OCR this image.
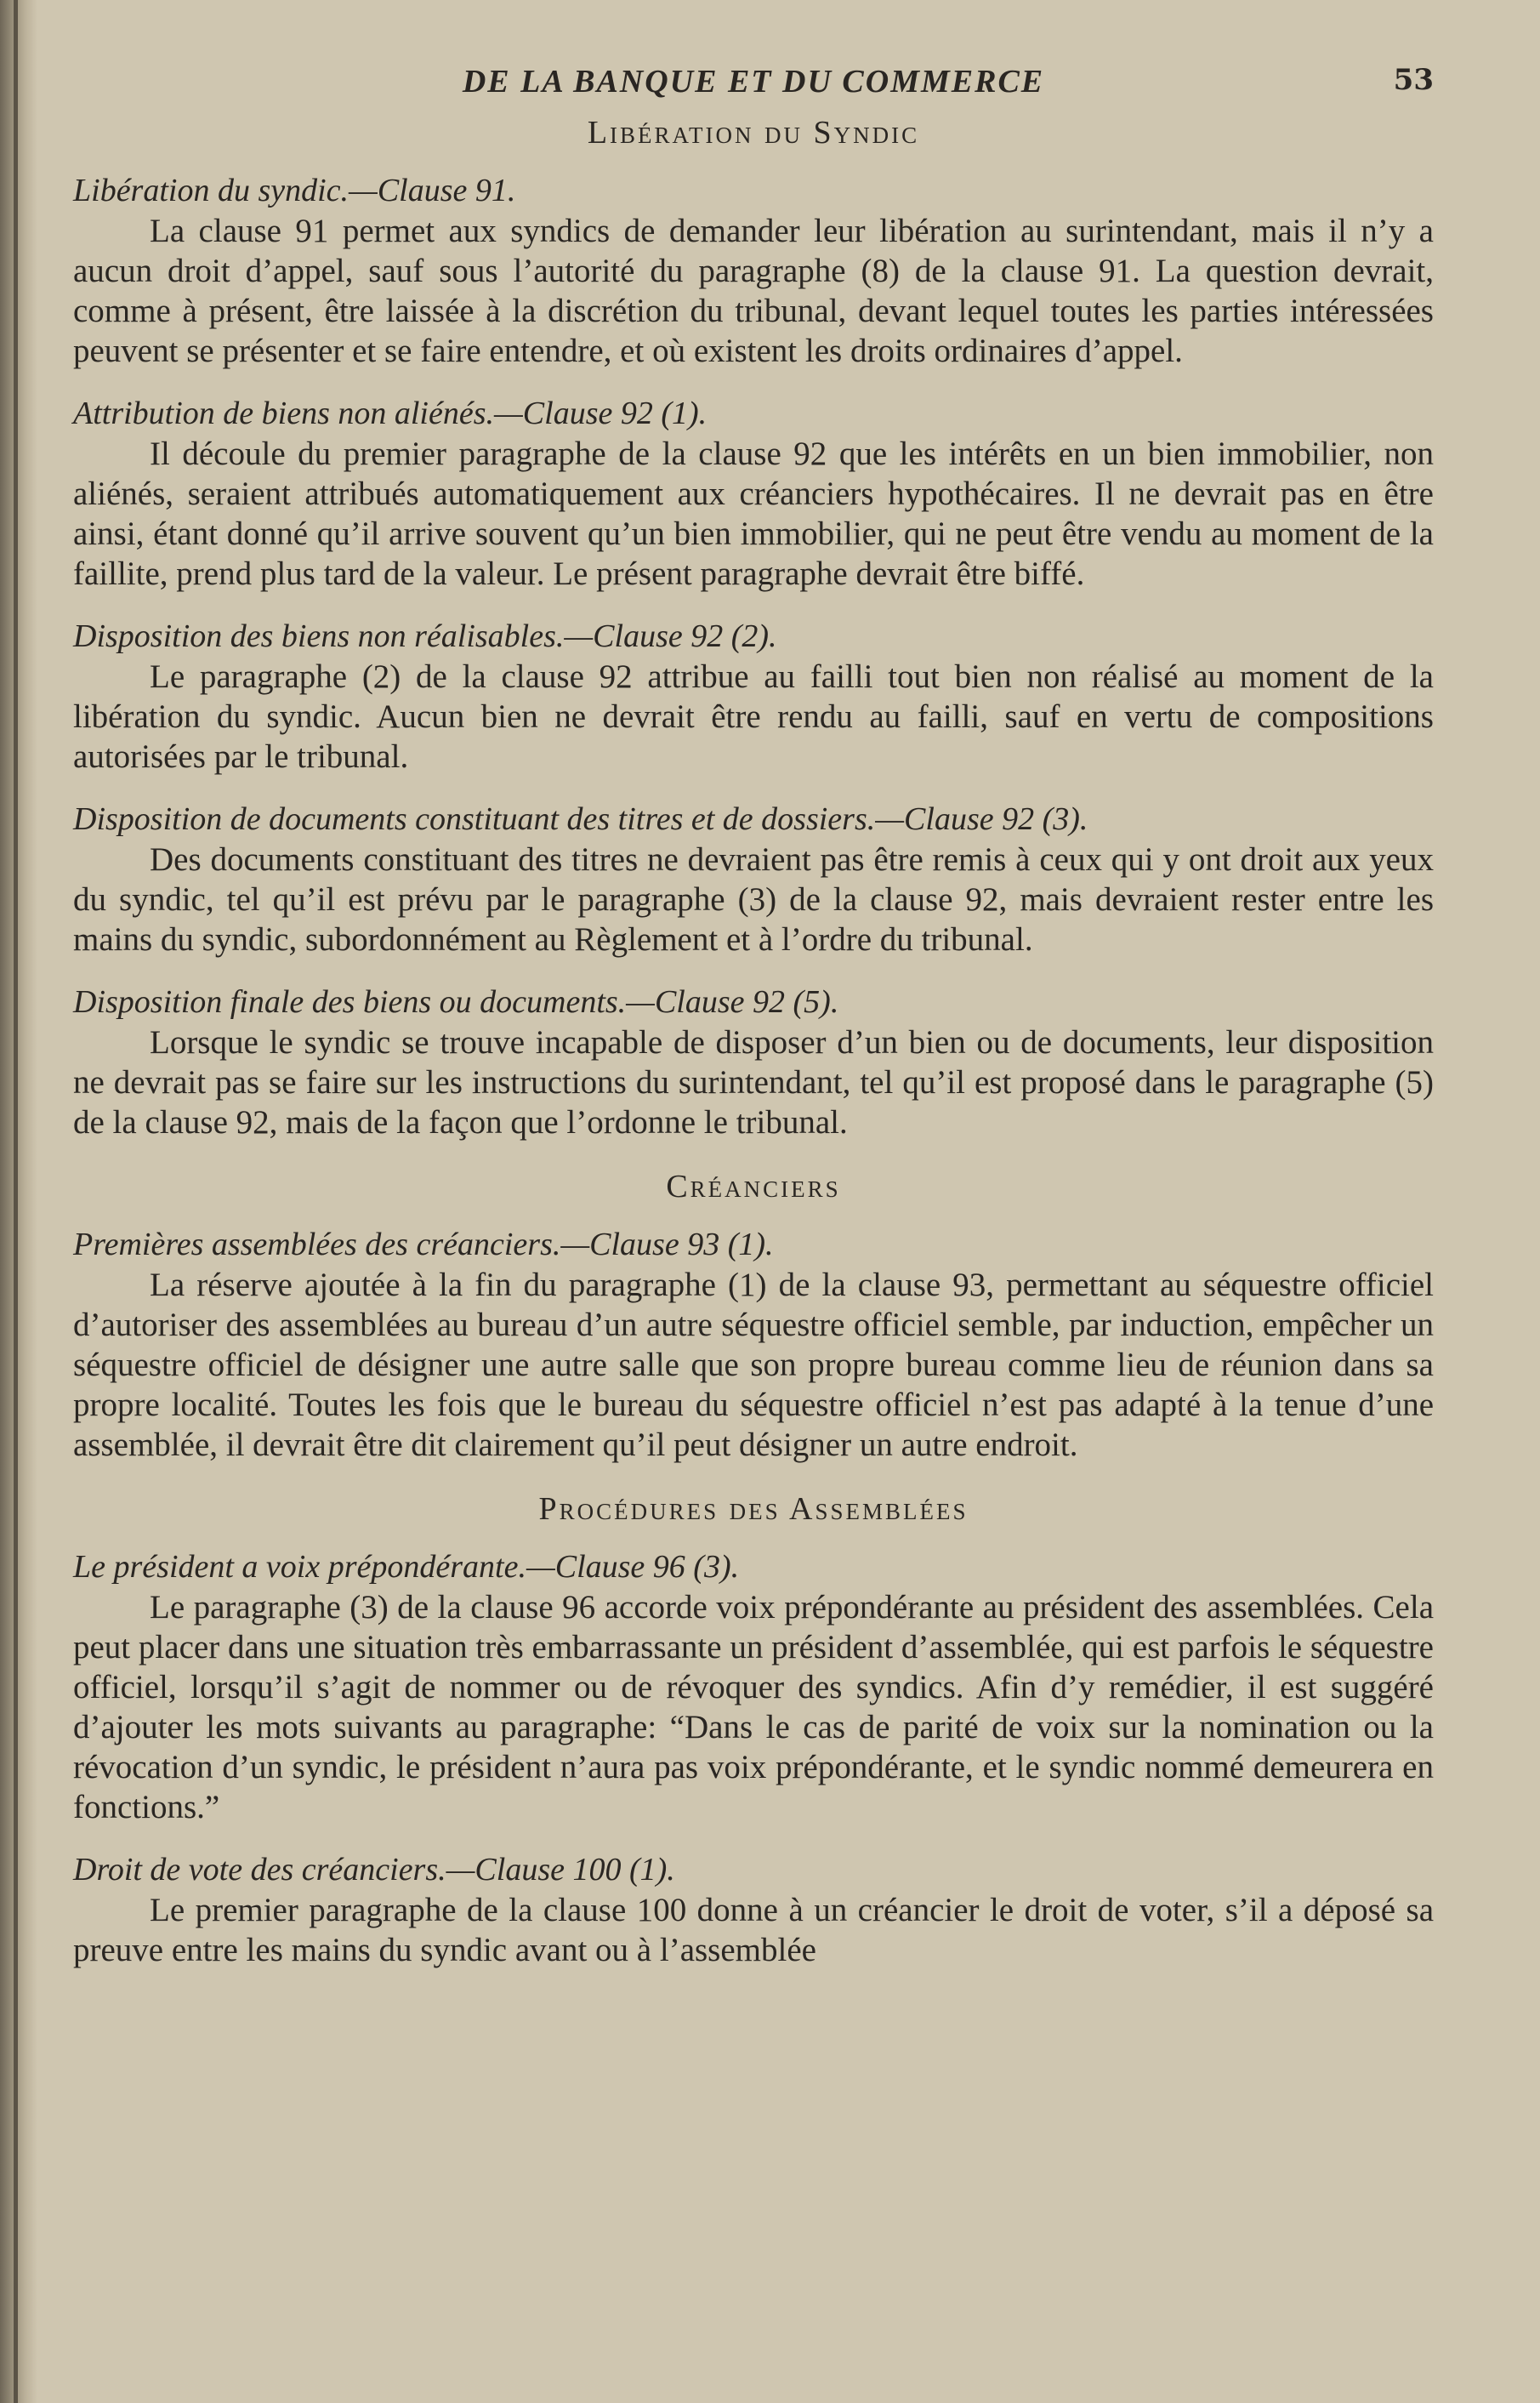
DE LA BANQUE ET DU COMMERCE	53
Libération du Syndic
Libération du syndic.—Clause 91.
La clause 91 permet aux syndics de demander leur libération au surintendant, mais il n’y a aucun droit d’appel, sauf sous l’autorité du paragraphe (8) de la clause 91. La question devrait, comme à présent, être laissée à la discrétion du tribunal, devant lequel toutes les parties intéressées peuvent se présenter et se faire entendre, et où existent les droits ordinaires d’appel.
Attribution de biens non aliénés.—Clause 92 (1).
Il découle du premier paragraphe de la clause 92 que les intérêts en un bien immobilier, non aliénés, seraient attribués automatiquement aux créanciers hypothécaires. Il ne devrait pas en être ainsi, étant donné qu’il arrive souvent qu’un bien immobilier, qui ne peut être vendu au moment de la faillite, prend plus tard de la valeur. Le présent paragraphe devrait être biffé.
Disposition des biens non réalisables.—Clause 92 (2).
Le paragraphe (2) de la clause 92 attribue au failli tout bien non réalisé au moment de la libération du syndic. Aucun bien ne devrait être rendu au failli, sauf en vertu de compositions autorisées par le tribunal.
Disposition de documents constituant des titres et de dossiers.—Clause 92 (3).
Des documents constituant des titres ne devraient pas être remis à ceux qui y ont droit aux yeux du syndic, tel qu’il est prévu par le paragraphe (3) de la clause 92, mais devraient rester entre les mains du syndic, subordonnément au Règlement et à l’ordre du tribunal.
Disposition finale des biens ou documents.—Clause 92 (5).
Lorsque le syndic se trouve incapable de disposer d’un bien ou de documents, leur disposition ne devrait pas se faire sur les instructions du surintendant, tel qu’il est proposé dans le paragraphe (5) de la clause 92, mais de la façon que l’ordonne le tribunal.
Créanciers
Premières assemblées des créanciers.—Clause 93 (1).
La réserve ajoutée à la fin du paragraphe (1) de la clause 93, permettant au séquestre officiel d’autoriser des assemblées au bureau d’un autre séquestre officiel semble, par induction, empêcher un séquestre officiel de désigner une autre salle que son propre bureau comme lieu de réunion dans sa propre localité. Toutes les fois que le bureau du séquestre officiel n’est pas adapté à la tenue d’une assemblée, il devrait être dit clairement qu’il peut désigner un autre endroit.
Procédures des Assemblées
Le président a voix prépondérante.—Clause 96 (3).
Le paragraphe (3) de la clause 96 accorde voix prépondérante au président des assemblées. Cela peut placer dans une situation très embarrassante un président d’assemblée, qui est parfois le séquestre officiel, lorsqu’il s’agit de nommer ou de révoquer des syndics. Afin d’y remédier, il est suggéré d’ajouter les mots suivants au paragraphe: “Dans le cas de parité de voix sur la nomination ou la révocation d’un syndic, le président n’aura pas voix prépondérante, et le syndic nommé demeurera en fonctions.”
Droit de vote des créanciers.—Clause 100 (1).
Le premier paragraphe de la clause 100 donne à un créancier le droit de voter, s’il a déposé sa preuve entre les mains du syndic avant ou à l’assemblée
